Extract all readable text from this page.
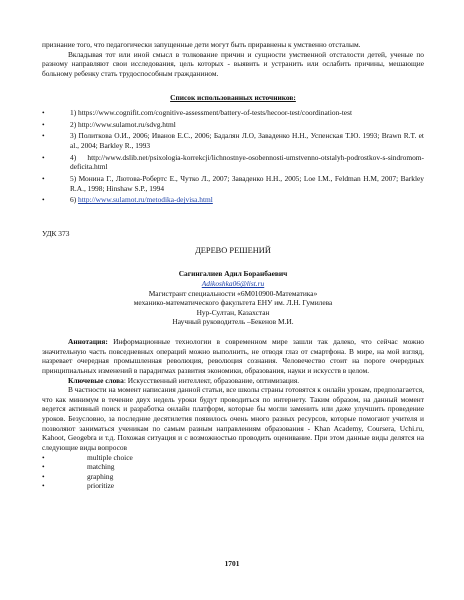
признание того, что педагогически запущенные дети могут быть приравнены к умственно отсталым.

Вкладывая тот или иной смысл в толкование причин и сущности умственной отсталости детей, ученые по разному направляют свои исследования, цель которых - выявить и устранить или ослабить причины, мешающие больному ребенку стать трудоспособным гражданином.

Список использованных источников:
•	1) https://www.cognifit.com/cognitive-assessment/battery-of-tests/hecoor-test/coordination-test
•	2) http://www.sulamot.ru/sdvg.html
•	3) Политкова О.И., 2006; Иванов Е.С., 2006; Бадалян Л.О, Заваденко Н.Н., Успенская Т.Ю. 1993; Brawn R.T. et al., 2004; Barkley R., 1993
•	4) http://www.dslib.net/psixologia-korrekcji/lichnostnye-osobennosti-umstvenno-otstalyh-podrostkov-s-sindromom-deficita.html
•	5) Монина Г., Лютова-Робертс Е., Чутко Л., 2007; Заваденко Н.Н., 2005; Loe I.M., Feldman H.M, 2007; Barkley R.A., 1998; Hinshaw S.P., 1994
•	6) http://www.sulamot.ru/metodika-dejvisa.html
УДК 373
ДЕРЕВО РЕШЕНИЙ
Сагингалиев Адил Боранбаевич
Adikoshka06@list.ru
Магистрант специальности «6М010900-Математика»
механико-математического факультета ЕНУ им. Л.Н. Гумилева
Нур-Султан, Казахстан
Научный руководитель –Бекенов М.И.

Аннотация: Информационные технологии в современном мире зашли так далеко, что сейчас можно значительную часть повседневных операций можно выполнить, не отводя глаз от смартфона. В мире, на мой взгляд, назревает очередная промышленная революция, революция сознания. Человечество стоит на пороге очередных принципиальных изменений в парадигмах развития экономики, образования, науки и искусств в целом.

Ключевые слова: Искусственный интеллект, образование, оптимизация.

В частности на момент написания данной статьи, все школы страны готовятся к онлайн урокам, предполагается, что как минимум в течение двух недель уроки будут проводиться по интернету. Таким образом, на данный момент ведется активный поиск и разработка онлайн платформ, которые бы могли заменить или даже улучшить проведение уроков. Безусловно, за последние десятилетия появилось очень много разных ресурсов, которые помогают учителя и позволяют заниматься ученикам по самым разным направлениям образования - Khan Academy, Coursera, Uchi.ru, Kahoot, Geogebra и т.д. Похожая ситуация и с возможностью проводить оценивание. При этом данные виды делятся на следующие виды вопросов

•	multiple choice
•	matching
•	graphing
•	prioritize
1701
